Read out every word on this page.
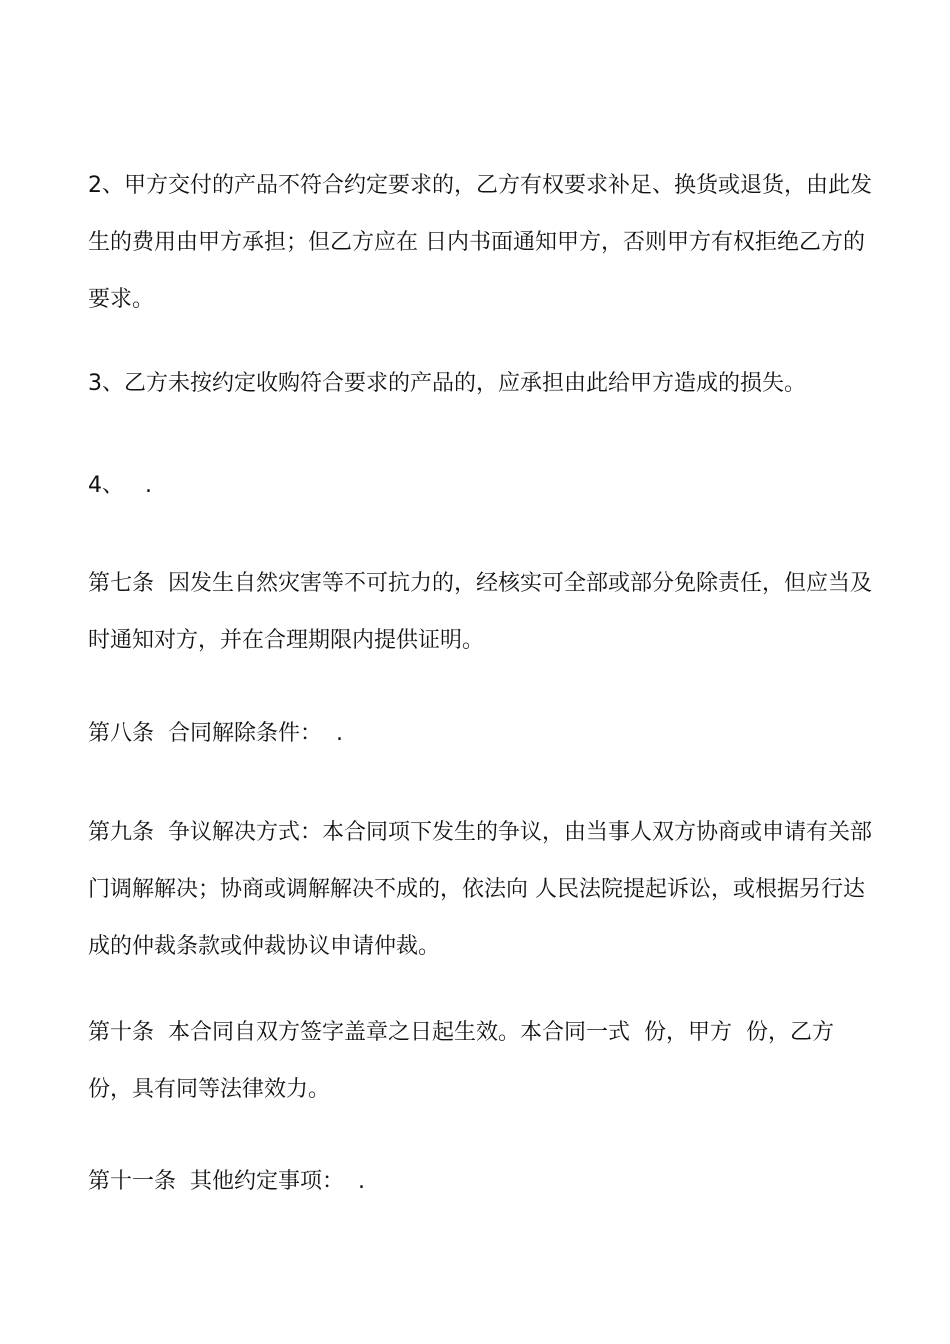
2、甲方交付的产品不符合约定要求的，乙方有权要求补足、换货或退货，由此发生的费用由甲方承担；但乙方应在 日内书面通知甲方，否则甲方有权拒绝乙方的要求。

3、乙方未按约定收购符合要求的产品的，应承担由此给甲方造成的损失。

4、   .

第七条  因发生自然灾害等不可抗力的，经核实可全部或部分免除责任，但应当及时通知对方，并在合理期限内提供证明。

第八条  合同解除条件：  .

第九条  争议解决方式：本合同项下发生的争议，由当事人双方协商或申请有关部门调解解决；协商或调解解决不成的，依法向 人民法院提起诉讼，或根据另行达成的仲裁条款或仲裁协议申请仲裁。

第十条  本合同自双方签字盖章之日起生效。本合同一式  份，甲方  份，乙方  份，具有同等法律效力。

第十一条  其他约定事项：  .
